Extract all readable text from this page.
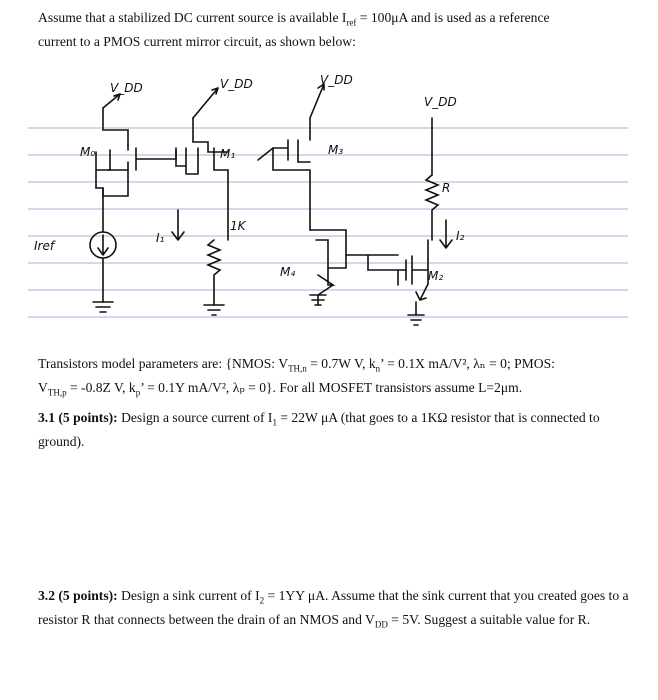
Assume that a stabilized DC current source is available $I_{ref} = 100\mu A$ and is used as a reference
current to a PMOS current mirror circuit, as shown below:

V_DD	V_DD	V_DD
V_DD
M₀	M₁	M₃
M₄	M₂
Iref
I₁
1K
R
I₂

Transistors model parameters are: {NMOS: $V_{TH,n} = 0.7W$ V, $k_n$’ = 0.1X mA/V², λₙ = 0; PMOS:
$V_{TH,p} = -0.8Z$ V, $k_p$’ = 0.1Y mA/V², λₚ = 0}. For all MOSFET transistors assume L=2μm.

3.1 (5 points): Design a source current of $I_1 = 22W$ μA (that goes to a 1KΩ resistor that is connected to ground).

3.2 (5 points): Design a sink current of $I_2 = 1YY$ μA. Assume that the sink current that you created goes to a resistor R that connects between the drain of an NMOS and $V_{DD} = 5V$. Suggest a suitable value for R.
